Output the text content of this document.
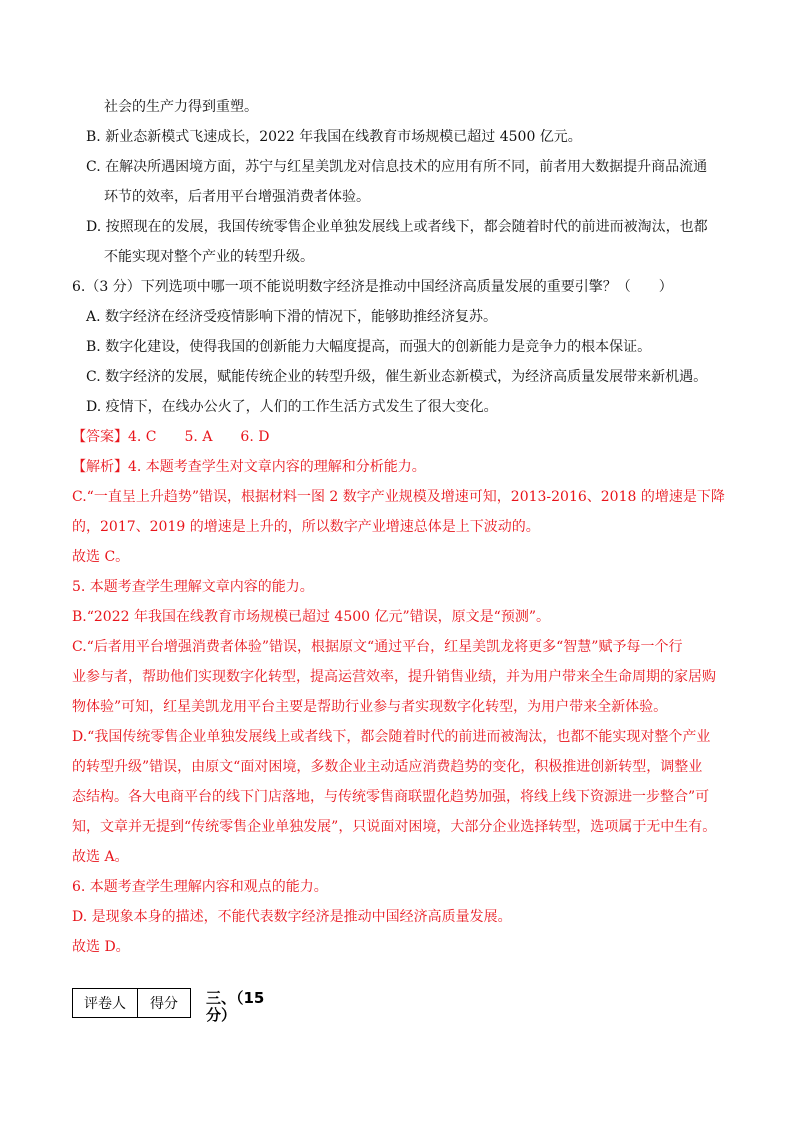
社会的生产力得到重塑。

B. 新业态新模式飞速成长，2022 年我国在线教育市场规模已超过 4500 亿元。

C. 在解决所遇困境方面，苏宁与红星美凯龙对信息技术的应用有所不同，前者用大数据提升商品流通

环节的效率，后者用平台增强消费者体验。

D. 按照现在的发展，我国传统零售企业单独发展线上或者线下，都会随着时代的前进而被淘汰，也都

不能实现对整个产业的转型升级。

6.（3 分）下列选项中哪一项不能说明数字经济是推动中国经济高质量发展的重要引擎？（　　）

A. 数字经济在经济受疫情影响下滑的情况下，能够助推经济复苏。

B. 数字化建设，使得我国的创新能力大幅度提高，而强大的创新能力是竞争力的根本保证。

C. 数字经济的发展，赋能传统企业的转型升级，催生新业态新模式，为经济高质量发展带来新机遇。

D. 疫情下，在线办公火了，人们的工作生活方式发生了很大变化。

【答案】4. C　　5. A　　6. D

【解析】4. 本题考查学生对文章内容的理解和分析能力。

C.“一直呈上升趋势”错误，根据材料一图 2 数字产业规模及增速可知，2013-2016、2018 的增速是下降

的，2017、2019 的增速是上升的，所以数字产业增速总体是上下波动的。

故选 C。

5. 本题考查学生理解文章内容的能力。

B.“2022 年我国在线教育市场规模已超过 4500 亿元”错误，原文是“预测”。

C.“后者用平台增强消费者体验”错误，根据原文“通过平台，红星美凯龙将更多“智慧”赋予每一个行

业参与者，帮助他们实现数字化转型，提高运营效率，提升销售业绩，并为用户带来全生命周期的家居购

物体验”可知，红星美凯龙用平台主要是帮助行业参与者实现数字化转型，为用户带来全新体验。

D.“我国传统零售企业单独发展线上或者线下，都会随着时代的前进而被淘汰，也都不能实现对整个产业

的转型升级”错误，由原文“面对困境，多数企业主动适应消费趋势的变化，积极推进创新转型，调整业

态结构。各大电商平台的线下门店落地，与传统零售商联盟化趋势加强，将线上线下资源进一步整合”可

知，文章并无提到“传统零售企业单独发展”，只说面对困境，大部分企业选择转型，选项属于无中生有。

故选 A。

6. 本题考查学生理解内容和观点的能力。

D. 是现象本身的描述，不能代表数字经济是推动中国经济高质量发展。

故选 D。

评卷人	得分 三、（15
分）
